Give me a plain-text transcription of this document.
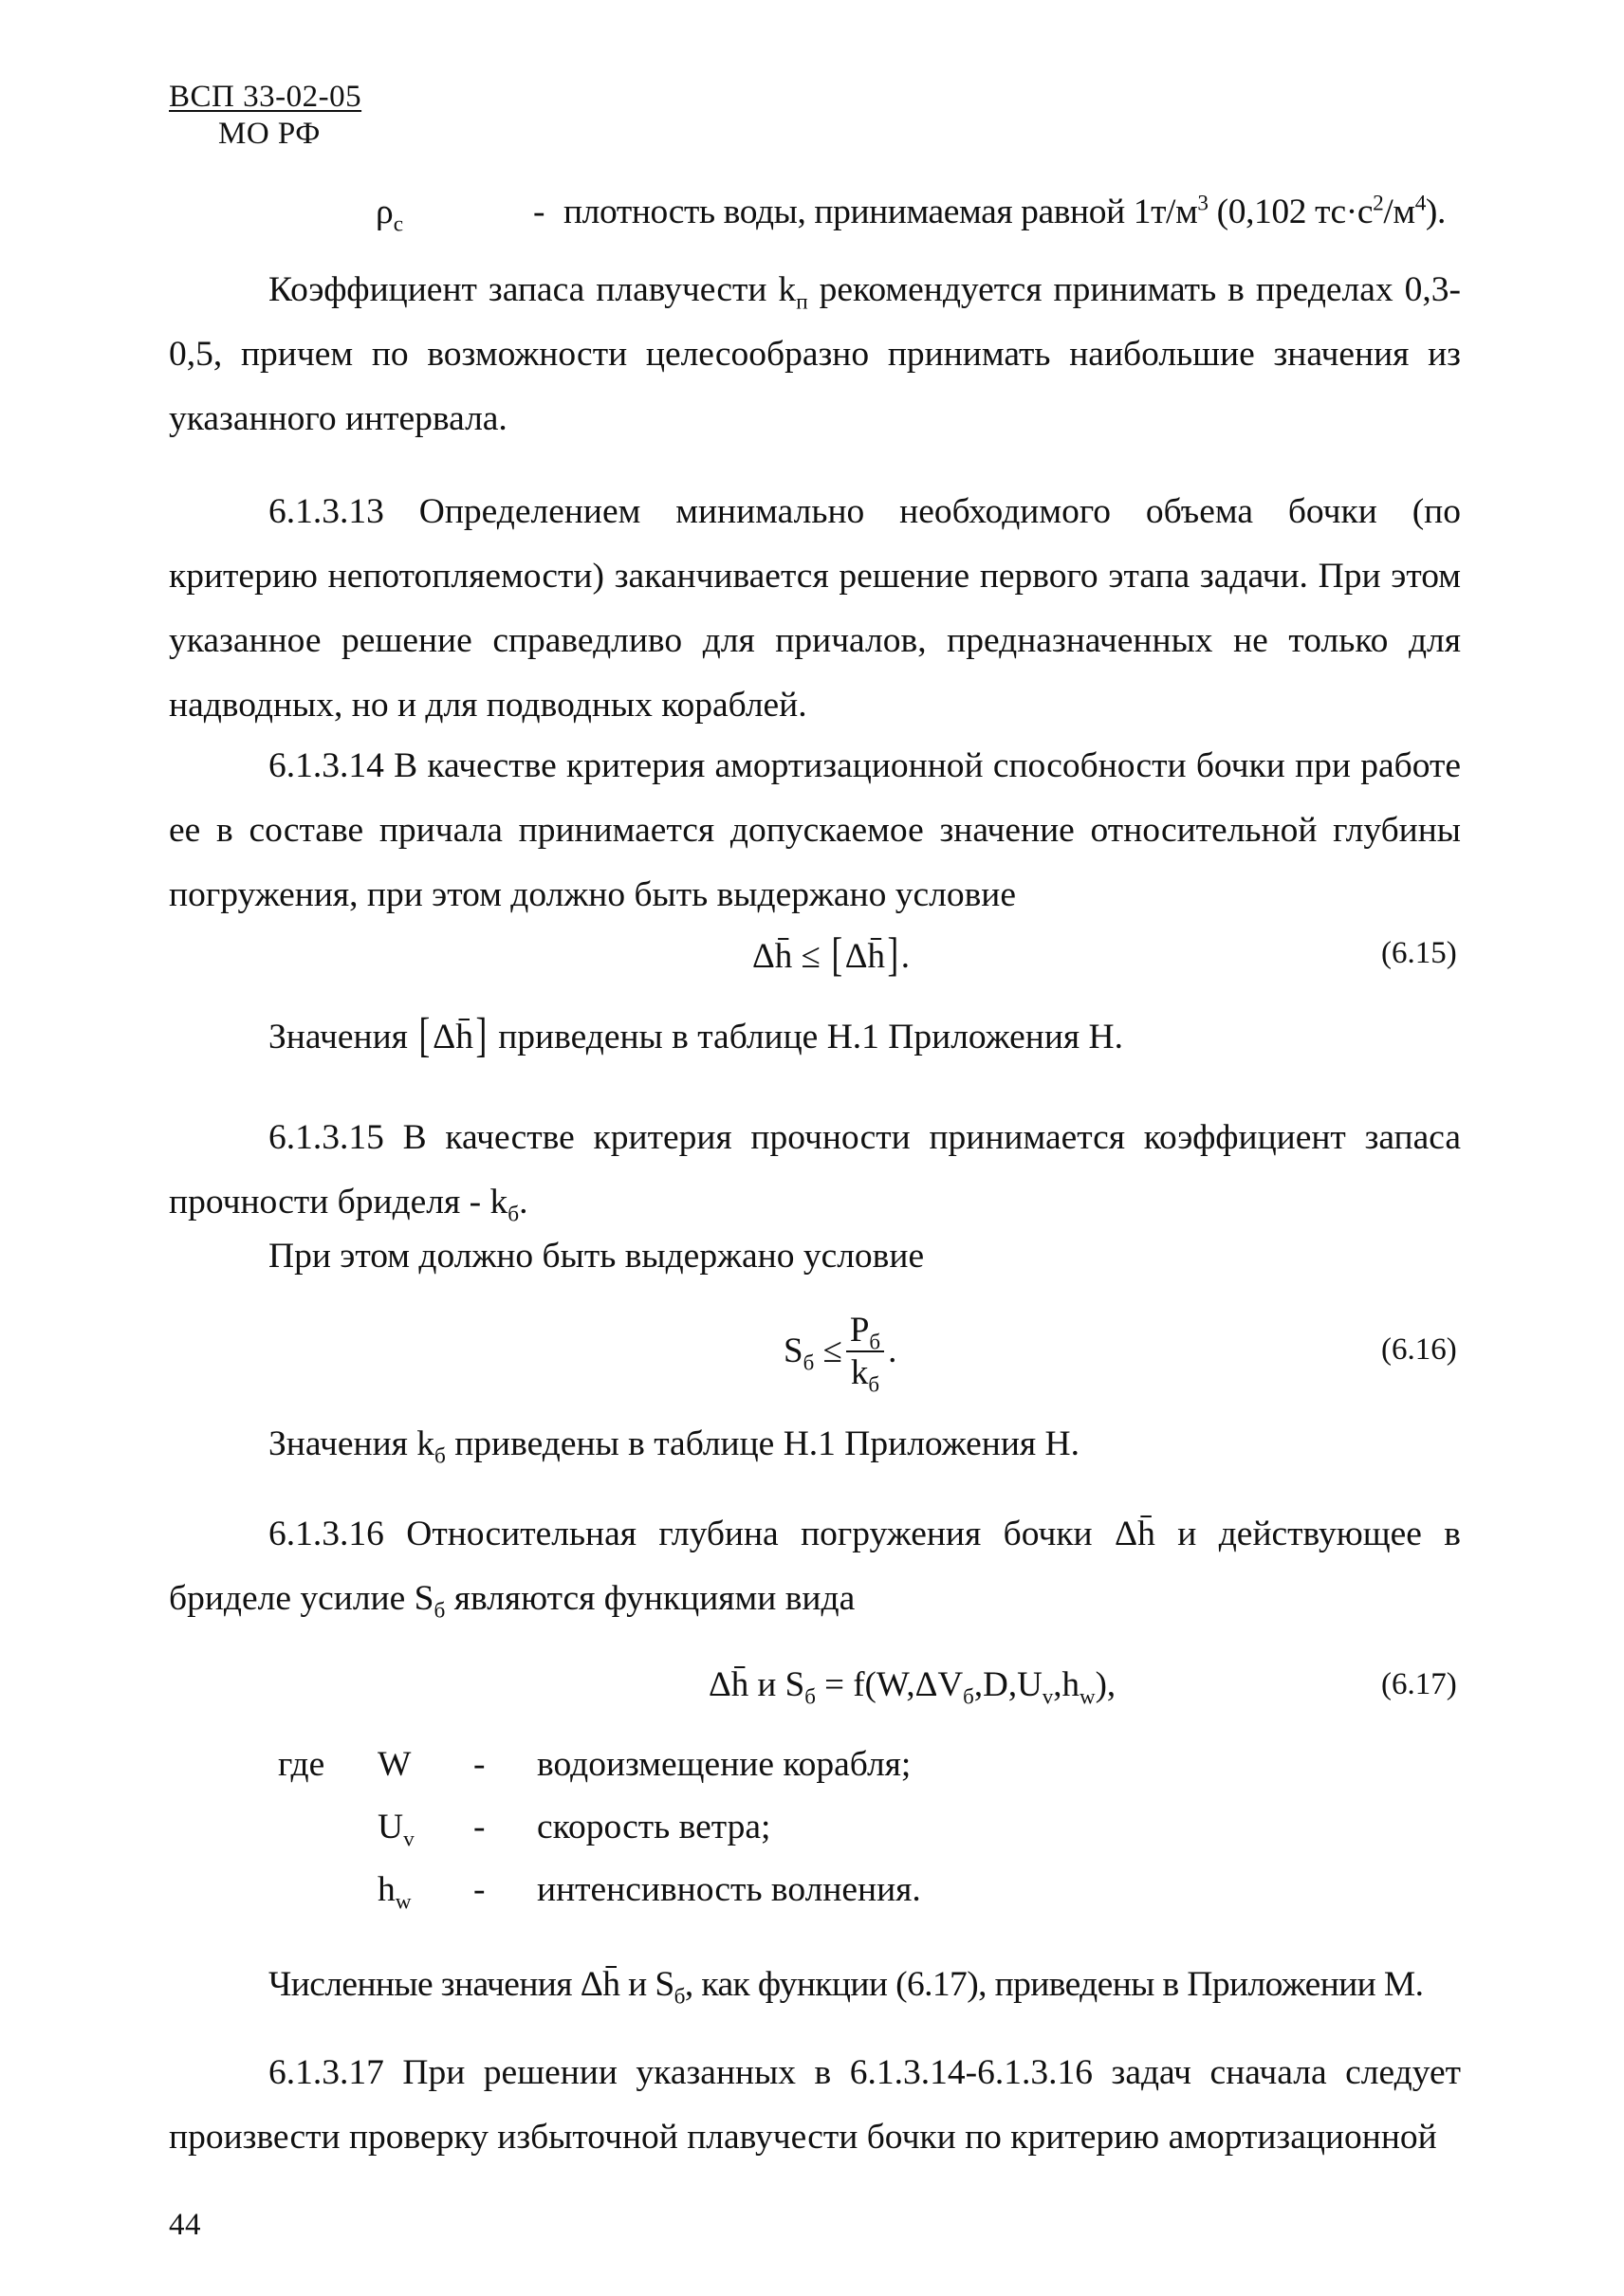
ВСП 33-02-05
МО РФ
$\rho_c$	- плотность воды, принимаемая равной $1т/м^3$ (0,102 $тс\cdot с^2/м^4$).
Коэффициент запаса плавучести $k_п$ рекомендуется принимать в пределах 0,3-0,5, причем по возможности целесообразно принимать наибольшие значения из указанного интервала.
6.1.3.13 Определением минимально необходимого объема бочки (по критерию непотопляемости) заканчивается решение первого этапа задачи. При этом указанное решение справедливо для причалов, предназначенных не только для надводных, но и для подводных кораблей.
6.1.3.14 В качестве критерия амортизационной способности бочки при работе ее в составе причала принимается допускаемое значение относительной глубины погружения, при этом должно быть выдержано условие
Δh̄ ≤ [Δh̄].	(6.15)
Значения [Δh̄] приведены в таблице Н.1 Приложения Н.
6.1.3.15 В качестве критерия прочности принимается коэффициент запаса прочности бриделя - $k_б$.
При этом должно быть выдержано условие
$S_б \le \frac{P_б}{k_б}$ .	(6.16)
Значения $k_б$ приведены в таблице Н.1 Приложения Н.
6.1.3.16 Относительная глубина погружения бочки Δh̄ и действующее в бриделе усилие $S_б$ являются функциями вида
Δh̄ и $S_б = f(W,\Delta V_б,D,U_v,h_w)$,	(6.17)
где W - водоизмещение корабля;
$U_v$ - скорость ветра;
$h_w$ - интенсивность волнения.
Численные значения Δh̄ и $S_б$, как функции (6.17), приведены в Приложении М.
6.1.3.17 При решении указанных в 6.1.3.14-6.1.3.16 задач сначала следует произвести проверку избыточной плавучести бочки по критерию амортизационной
44
